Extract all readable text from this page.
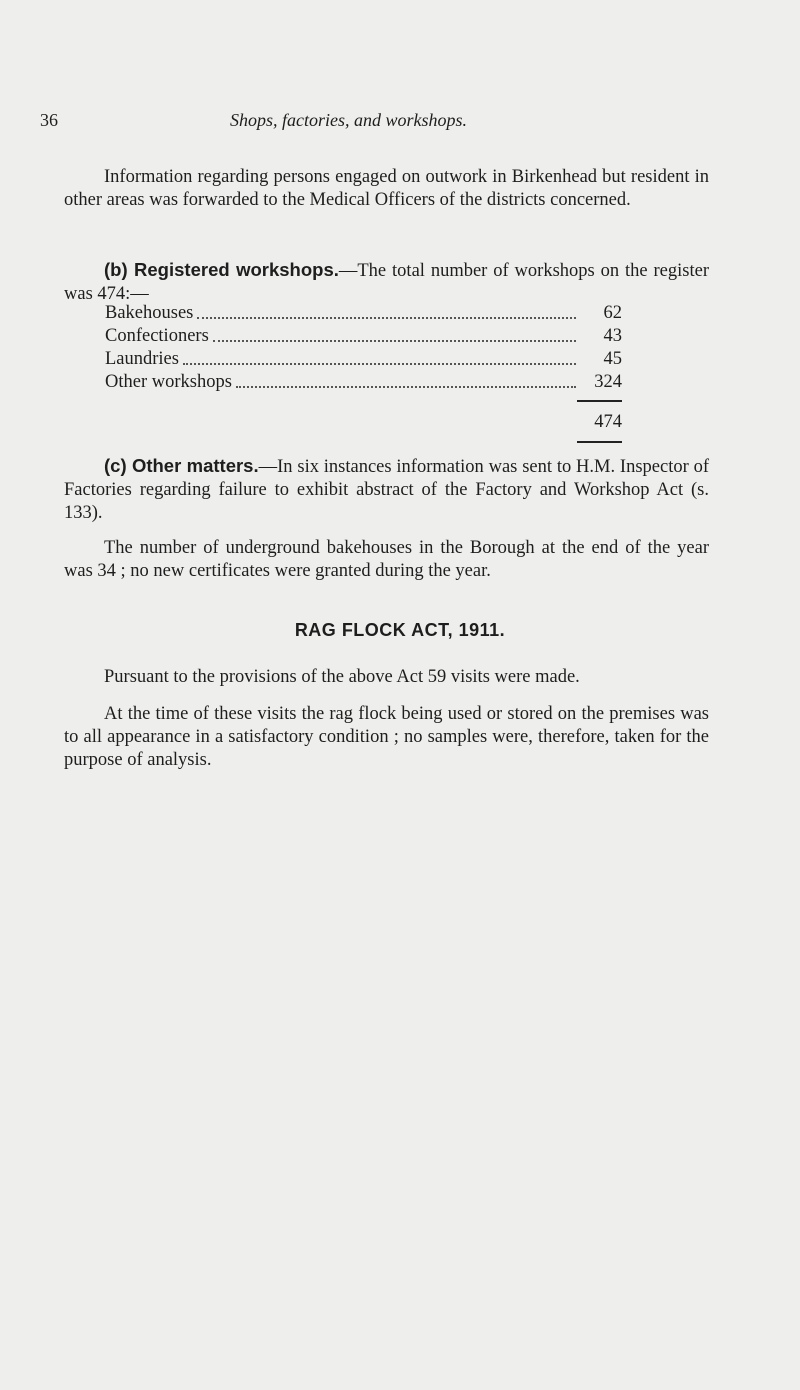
36	Shops, factories, and workshops.

Information regarding persons engaged on outwork in Birkenhead but resident in other areas was forwarded to the Medical Officers of the districts concerned.

(b) Registered workshops.—The total number of workshops on the register was 474:—

Bakehouses	62
Confectioners	43
Laundries	45
Other workshops	324
474

(c) Other matters.—In six instances information was sent to H.M. Inspector of Factories regarding failure to exhibit abstract of the Factory and Workshop Act (s. 133).

The number of underground bakehouses in the Borough at the end of the year was 34 ; no new certificates were granted during the year.

RAG FLOCK ACT, 1911.

Pursuant to the provisions of the above Act 59 visits were made.

At the time of these visits the rag flock being used or stored on the premises was to all appearance in a satisfactory condition ; no samples were, therefore, taken for the purpose of analysis.
